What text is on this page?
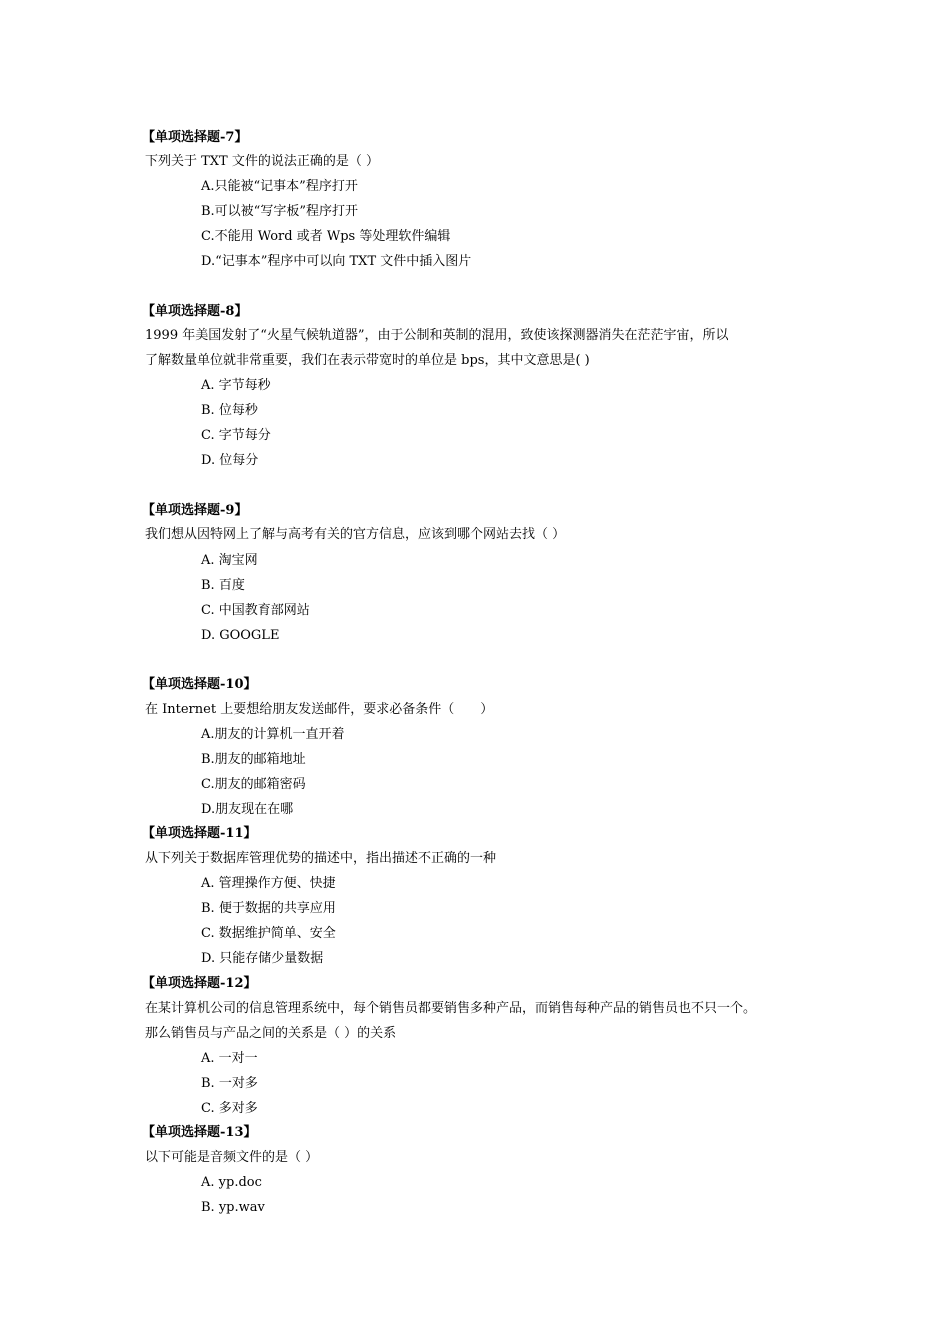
【单项选择题-7】
下列关于 TXT 文件的说法正确的是（ ）
A.只能被“记事本”程序打开
B.可以被“写字板”程序打开
C.不能用 Word 或者 Wps 等处理软件编辑
D.“记事本”程序中可以向 TXT 文件中插入图片
【单项选择题-8】
1999 年美国发射了“火星气候轨道器”，由于公制和英制的混用，致使该探测器消失在茫茫宇宙，所以
了解数量单位就非常重要，我们在表示带宽时的单位是 bps，其中文意思是( )
A. 字节每秒
B. 位每秒
C. 字节每分
D. 位每分
【单项选择题-9】
我们想从因特网上了解与高考有关的官方信息，应该到哪个网站去找（ ）
A. 淘宝网
B. 百度
C. 中国教育部网站
D. GOOGLE
【单项选择题-10】
在 Internet 上要想给朋友发送邮件，要求必备条件（　　）
A.朋友的计算机一直开着
B.朋友的邮箱地址
C.朋友的邮箱密码
D.朋友现在在哪
【单项选择题-11】
从下列关于数据库管理优势的描述中，指出描述不正确的一种
A. 管理操作方便、快捷
B. 便于数据的共享应用
C. 数据维护简单、安全
D. 只能存储少量数据
【单项选择题-12】
在某计算机公司的信息管理系统中，每个销售员都要销售多种产品，而销售每种产品的销售员也不只一个。
那么销售员与产品之间的关系是（ ）的关系
A. 一对一
B. 一对多
C. 多对多
【单项选择题-13】
以下可能是音频文件的是（ ）
A. yp.doc
B. yp.wav
